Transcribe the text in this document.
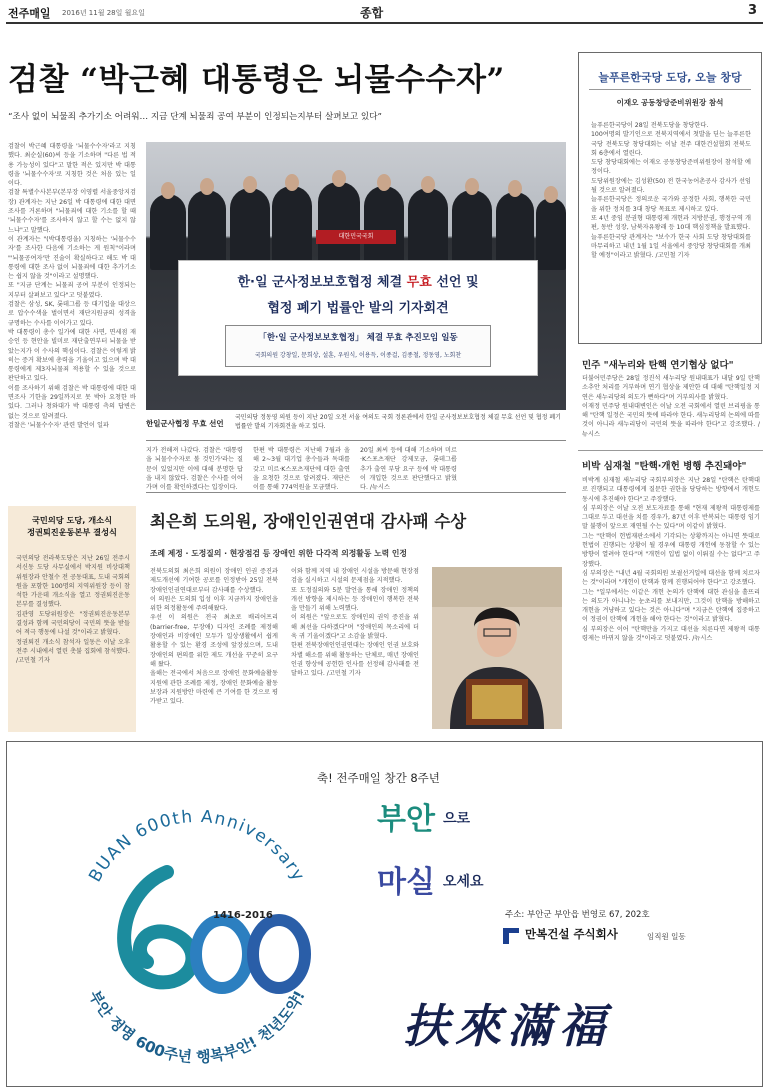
전주매일 2016년 11월 28일 월요일	종합	3
검찰 “박근혜 대통령은 뇌물수수자”
“조사 없이 뇌물죄 추가기소 어려워… 지금 단계 뇌물죄 공여 부분이 인정되는지부터 살펴보고 있다”
검찰이 박근혜 대통령을 '뇌물수수자'라고 지칭했다. 최순실(60)씨 등을 기소하며 "다른 법 적용 가능성이 있다"고 말한 적은 있지만 박 대통령을 '뇌물수수자'로 지칭한 것은 처음 있는 일이다.
검찰 특별수사본부(본부장 이영렬 서울중앙지검장) 관계자는 지난 26일 박 대통령에 대한 대면조사를 거론하며 "뇌물죄에 대한 기소를 할 때 '뇌물수수자'를 조사하지 않고 할 수는 없지 않느냐"고 말했다.
이 관계자는 "(박대통령을) 지칭하는 '뇌물수수자'를 조사한 다음에 기소하는 게 원칙"이라며 "'뇌물공여자'만 진술이 확실하다고 해도 박 대통령에 대한 조사 없이 뇌물죄에 대한 추가기소는 쉽지 않을 것"이라고 설명했다.
또 "지금 단계는 뇌물죄 공여 부분이 인정되는지부터 살펴보고 있다"고 덧붙였다.
검찰은 삼성, SK, 롯데그룹 등 대기업을 대상으로 압수수색을 벌이면서 재단지원금의 성격을 규명하는 수사를 이어가고 있다.
박 대통령이 총수 일가에 대한 사면, 면세점 재승인 등 현안을 빌미로 재단출연부터 뇌물을 받았는지가 이 수사의 핵심이다. 검찰은 이렇게 밝히는 증거 확보에 총력을 기울이고 있으며 박 대통령에게 제3자뇌물죄 적용할 수 있을 것으로 판단하고 있다.
이를 조사하기 위해 검찰은 박 대통령에 대한 대면조사 기한을 29일까지로 못 박아 요청한 바 있다. 그러나 청와대가 박 대통령 측의 답변은 없는 것으로 알려졌다.
검찰은 '뇌물수수자' 관련 발언이 일파
대한민국국회
한·일 군사정보보호협정 체결 무효 선언 및
협정 폐기 법률안 발의 기자회견
「한·일 군사정보보호협정」 체결 무효 추진모임 일동
국회의원 강창일, 문희상, 설훈, 우원식, 이용득, 이종걸, 김종철, 정동영, 노회찬
한일군사협정 무효 선언
국민의당 정동영 의원 등이 지난 20일 오전 서울 여의도 국회 정론관에서 한일 군사정보보호협정 체결 무효 선언 및 협정 폐기 법률안 발의 기자회견을 하고 있다.
지가 전해져 나갔다. 검찰은 '대통령을 뇌물수수자로 볼 것인가'라는 질문이 있었지만 이에 대해 분명한 답을 내지 않았다. 검찰은 수사를 이어가며 이를 확인하겠다는 입장이다.
한편 박 대통령은 지난해 7월과 올해 2~3월 대기업 총수들과 독대를 갖고 미르·K스포츠재단에 대한 출연을 요청한 것으로 알려졌다. 재단은 이를 통해 774억원을 모금했다.
20일 최씨 등에 대해 기소하며 미르·K스포츠재단 강제모금, 롯데그룹 추가 출연 부당 요구 등에 박 대통령이 개입한 것으로 판단했다고 밝혔다. /뉴시스
늘푸른한국당 도당, 오늘 창당
이재오 공동창당준비위원장 참석
늘푸른한국당이 28일 전북도당을 창당한다.
100여명의 발기인으로 전북지역에서 첫발을 딛는 늘푸른한국당 전북도당 창당대회는 이날 전주 대한건설협회 전북도회 6층에서 열린다.
도당 창당대회에는 이재오 공동창당준비위원장이 참석할 예정이다.
도당위원장에는 김성환(50) 전 한국농어촌공사 감사가 선임될 것으로 알려졌다.
늘푸른한국당은 정의로운 국가와 공정한 사회, 행복한 국민을 위한 정치를 3대 창당 목표로 제시하고 있다.
또 4년 중임 분권형 대통령제 개헌과 지방분권, 행정구역 개편, 동반 성장, 남북자유왕래 등 10대 핵심정책을 발표했다.
늘푸른한국당 관계자는 "보수가 한국 사회 도당 창당대회를 마무리하고 내년 1월 1일 서울에서 중앙당 창당대회를 개최할 예정"이라고 밝혔다. /고민철 기자
민주 "새누리와 탄핵 연기협상 없다"
더불어민주당은 28일 정진석 새누리당 원내대표가 내달 9일 탄핵소추안 처리를 거부하며 연기 협상을 제안한 데 대해 "탄핵일정 지연은 새누리당의 의도가 뻔하다"며 거부의사를 밝혔다.
이재정 민주당 원내대변인은 이날 오전 국회에서 열린 브리핑을 통해 "탄핵 일정은 국민의 뜻에 따라야 한다. 새누리당의 논의에 따를 것이 아니라 새누리당이 국민의 뜻을 따라야 한다"고 강조했다. /뉴시스
비박 심재철 "탄핵·개헌 병행 추진돼야"
비박계 심재철 새누리당 국회부의장은 지난 28일 "탄핵은 탄핵대로 진행되고 대통령에게 질문한 권한을 당당하는 방향에서 개헌도 동시에 추진해야 한다"고 주장했다.
심 부의장은 이날 오전 보도자료를 통해 "현재 제왕적 대통령제를 그대로 두고 대선을 치를 경우가, 87년 이후 반복되는 대통령 임기 말 불행이 앞으로 재연될 수는 있다"며 이같이 밝혔다.
그는 "탄핵이 헌법재판소에서 기각되는 상황까지는 아니면 뜻대로 헌법이 진행되는 상황이 될 경우에 대통령 개헌에 동참할 수 있는 방향이 열려야 한다"며 "개헌이 입법 없이 이뤄질 수는 없다"고 주장했다.
심 부의장은 "내년 4월 국회의원 보궐선거일에 대선을 함께 치르자는 것"이라며 "개헌이 탄핵과 함께 진행되어야 한다"고 강조했다.
그는 "일부에서는 이같은 개헌 논의가 탄핵에 대한 관심을 흩뜨리는 의도가 아니냐는 눈초리를 보내지만, 그것이 탄핵을 방해하고 개헌을 겨냥하고 있다는 것은 아니다"며 "지금은 탄핵에 집중하고 이 정권이 탄핵에 개헌을 해야 한다는 것"이라고 밝혔다.
심 부의장은 이어 "탄핵만을 가지고 대선을 치른다면 제왕적 대통령제는 바뀌지 않을 것"이라고 덧붙였다. /뉴시스
국민의당 도당, 개소식
정권퇴진운동본부 결성식
국민의당 전라북도당은 지난 26일 전주시 서신동 도당 사무실에서 박지원 비상대책위원장과 안철수 전 공동대표, 도내 국회의원을 포함한 100명의 지역위원장 등이 참석한 가운데 개소식을 열고 정권퇴진운동본부를 결성했다.
김관영 도당위원장은 "정권퇴진운동본부 결성과 함께 국민의당이 국민의 뜻을 받들어 적극 행동에 나설 것"이라고 밝혔다.
정권퇴진 개소식 참석자 일동은 이날 오후 전주 시내에서 열린 촛불 집회에 참석했다. /고민철 기자
최은희 도의원, 장애인인권연대 감사패 수상
조례 제정 · 도정질의 · 현장점검 등 장애인 위한 다각적 의정활동 노력 인정
전북도의회 최은희 의원이 장애인 인권 증진과 제도개선에 기여한 공로를 인정받아 25일 전북장애인인권연대로부터 감사패를 수상했다.
이 의원은 도의회 입성 이후 지금까지 장애인을 위한 의정활동에 주력해왔다.
우선 이 의원은 전국 최초로 배리어프리(barrier-free, 무장애) 디자인 조례를 제정해 장애인과 비장애인 모두가 일상생활에서 쉽게 활용할 수 있는 환경 조성에 앞장섰으며, 도내 장애인의 편의를 위한 제도 개선을 꾸준히 요구해 왔다.
올해는 전국에서 처음으로 장애인 문화예술활동 지원에 관한 조례를 제정, 장애인 문화예술 활동 보장과 지원방안 마련에 큰 기여를 한 것으로 평가받고 있다.
이와 함께 지역 내 장애인 시설을 방문해 현장점검을 실시하고 시설의 문제점을 지적했다.
또 도정질의와 5분 발언을 통해 장애인 정책의 개선 방향을 제시하는 등 장애인이 행복한 전북을 만들기 위해 노력했다.
이 의원은 "앞으로도 장애인의 권익 증진을 위해 최선을 다하겠다"며 "장애인의 목소리에 더욱 귀 기울이겠다"고 소감을 밝혔다.
한편 전북장애인인권연대는 장애인 인권 보호와 차별 해소를 위해 활동하는 단체로, 매년 장애인 인권 향상에 공헌한 인사를 선정해 감사패를 전달하고 있다. /고민철 기자
BUAN 600th Anniversary
부안 정명 600주년 행복부안! 천년도약!
1416-2016
축! 전주매일 창간 8주년
부안 으로
마실 오세요
주소: 부안군 부안읍 번영로 67, 202호
만복건설 주식회사	임직원 일동
扶來滿福
